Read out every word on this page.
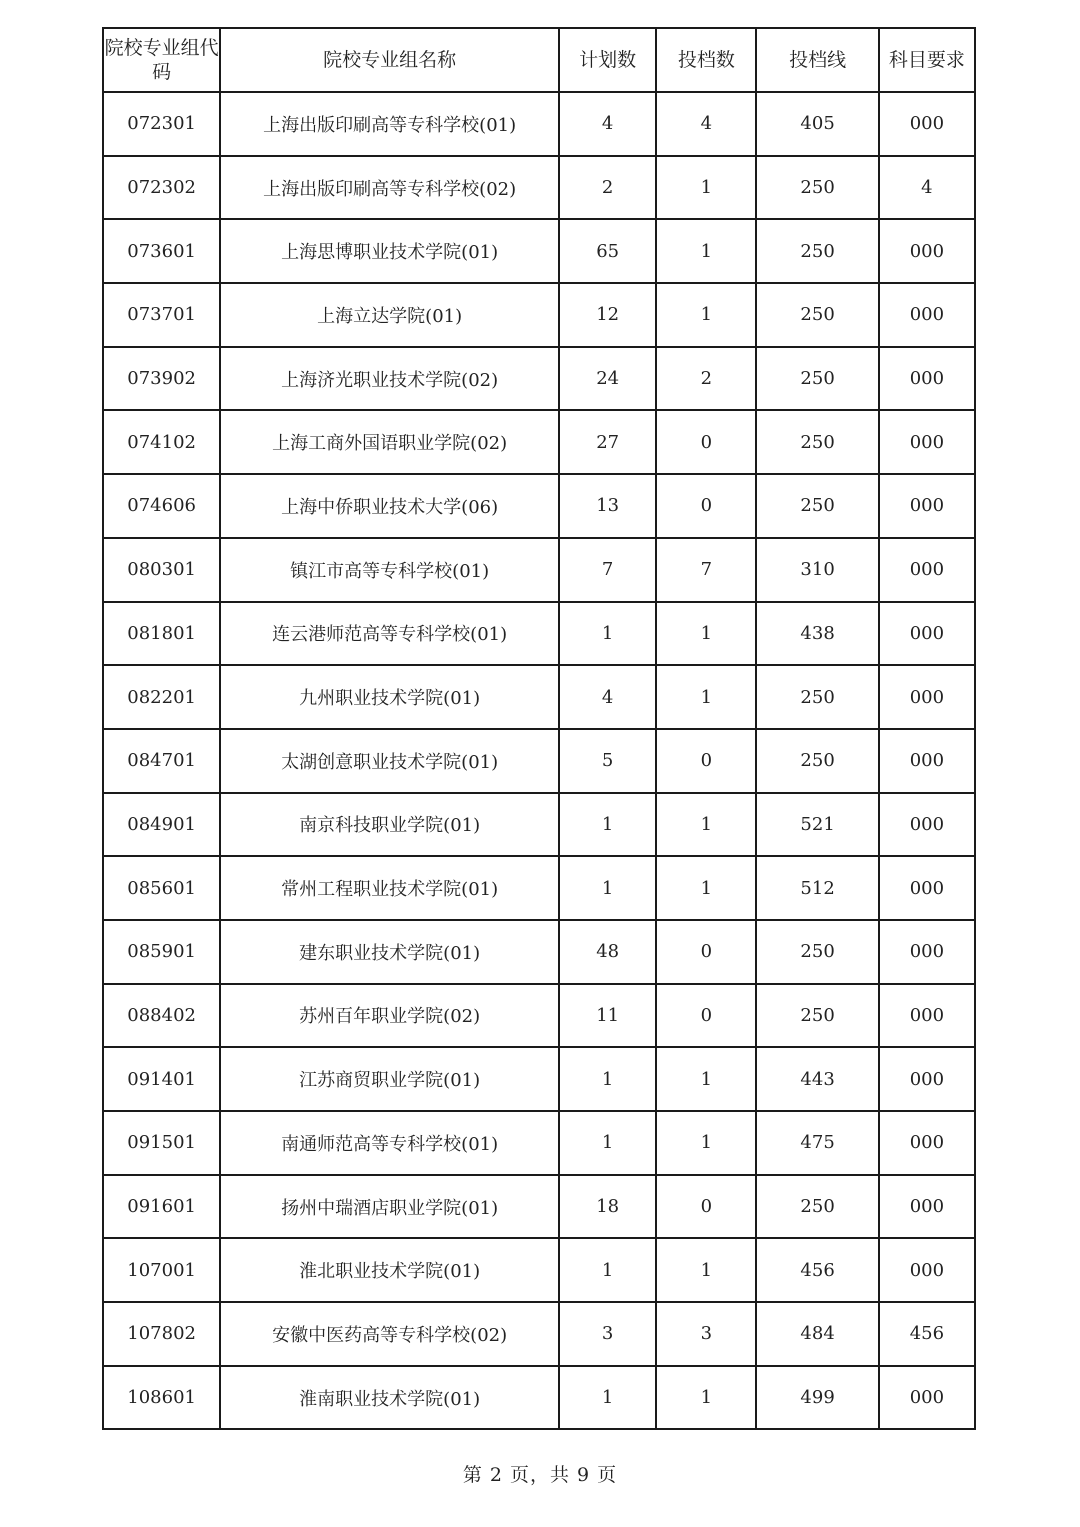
院校专业组代码	院校专业组名称	计划数	投档数	投档线	科目要求
072301	上海出版印刷高等专科学校(01)	4	4	405	000
072302	上海出版印刷高等专科学校(02)	2	1	250	4
073601	上海思博职业技术学院(01)	65	1	250	000
073701	上海立达学院(01)	12	1	250	000
073902	上海济光职业技术学院(02)	24	2	250	000
074102	上海工商外国语职业学院(02)	27	0	250	000
074606	上海中侨职业技术大学(06)	13	0	250	000
080301	镇江市高等专科学校(01)	7	7	310	000
081801	连云港师范高等专科学校(01)	1	1	438	000
082201	九州职业技术学院(01)	4	1	250	000
084701	太湖创意职业技术学院(01)	5	0	250	000
084901	南京科技职业学院(01)	1	1	521	000
085601	常州工程职业技术学院(01)	1	1	512	000
085901	建东职业技术学院(01)	48	0	250	000
088402	苏州百年职业学院(02)	11	0	250	000
091401	江苏商贸职业学院(01)	1	1	443	000
091501	南通师范高等专科学校(01)	1	1	475	000
091601	扬州中瑞酒店职业学院(01)	18	0	250	000
107001	淮北职业技术学院(01)	1	1	456	000
107802	安徽中医药高等专科学校(02)	3	3	484	456
108601	淮南职业技术学院(01)	1	1	499	000
第 2 页，共 9 页
